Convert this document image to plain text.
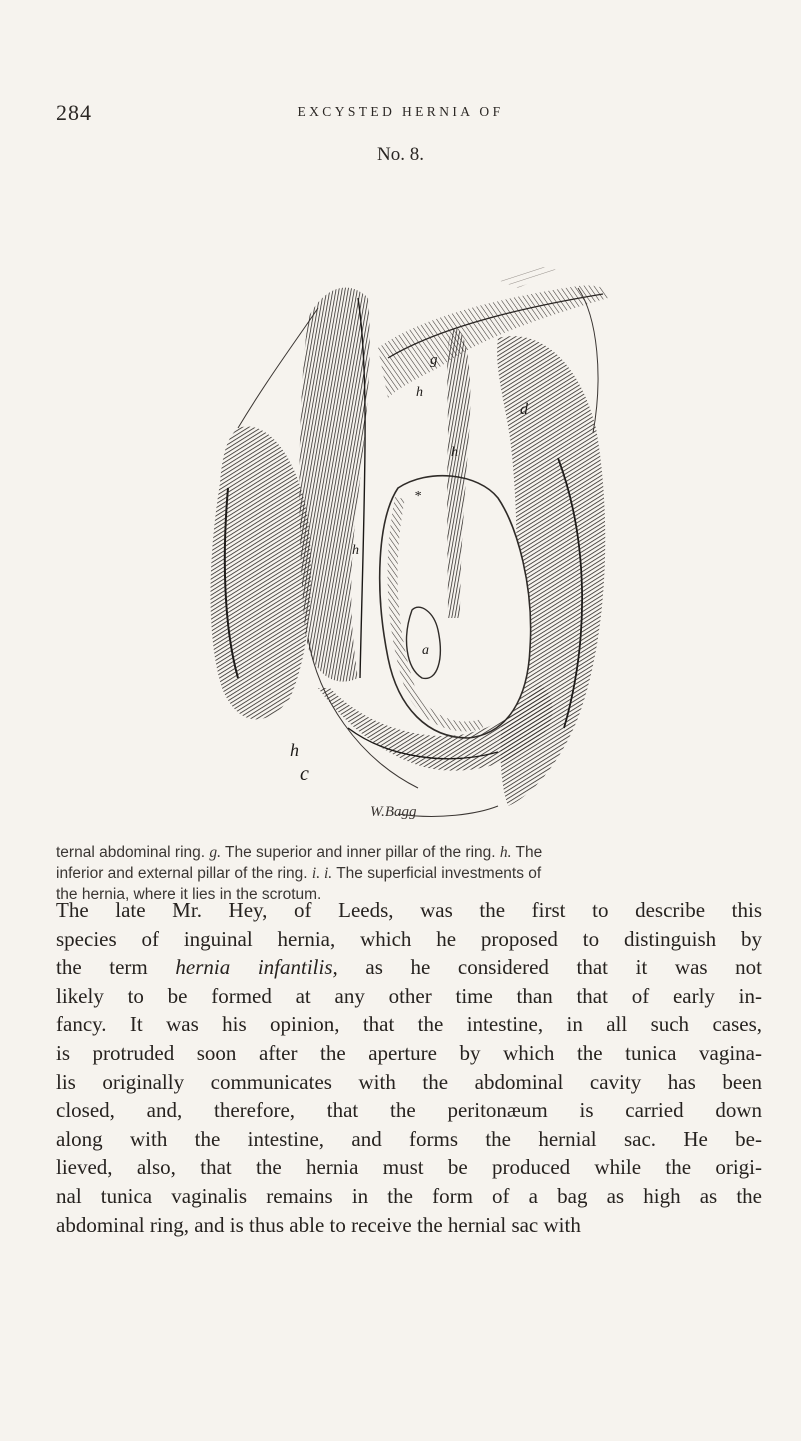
284	EXCYSTED HERNIA OF
No. 8.
g
d
h
h
h
*
a
h
c
W.Bagg

ternal abdominal ring. g. The superior and inner pillar of the ring. h. The
inferior and external pillar of the ring. i. i. The superficial investments of
the hernia, where it lies in the scrotum.

The late Mr. Hey, of Leeds, was the first to describe this
species of inguinal hernia, which he proposed to distinguish by
the term hernia infantilis, as he considered that it was not
likely to be formed at any other time than that of early in-
fancy. It was his opinion, that the intestine, in all such cases,
is protruded soon after the aperture by which the tunica vagina-
lis originally communicates with the abdominal cavity has been
closed, and, therefore, that the peritonæum is carried down
along with the intestine, and forms the hernial sac. He be-
lieved, also, that the hernia must be produced while the origi-
nal tunica vaginalis remains in the form of a bag as high as the
abdominal ring, and is thus able to receive the hernial sac with
